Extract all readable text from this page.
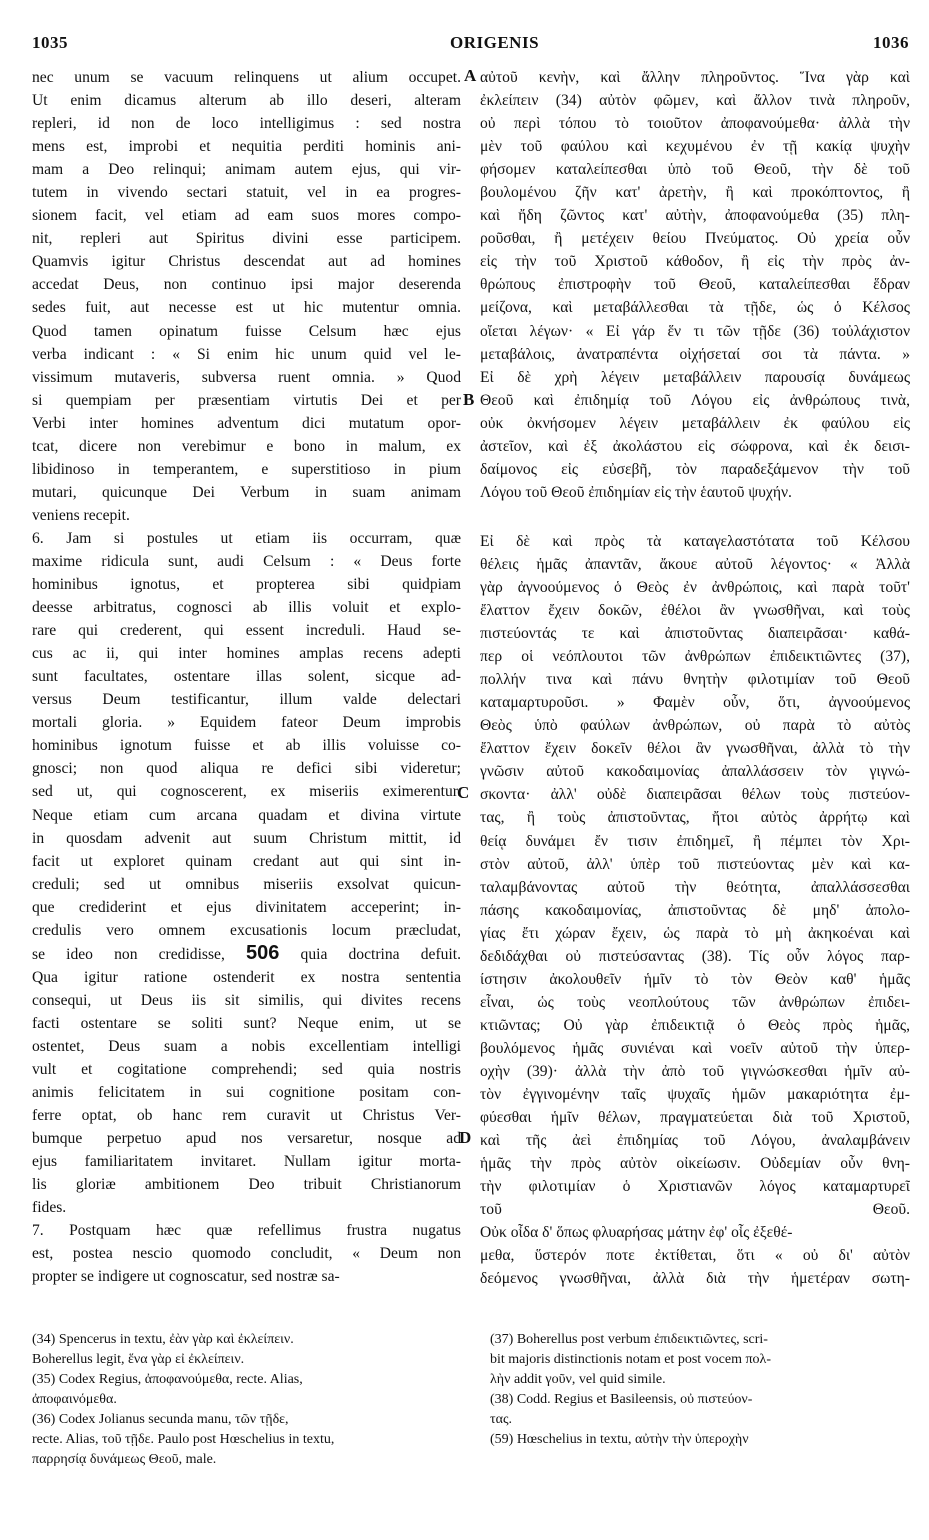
1035	ORIGENIS	1036
nec unum se vacuum relinquens ut alium occupet.
Ut enim dicamus alterum ab illo deseri, alteram
repleri, id non de loco intelligimus : sed nostra
mens est, improbi et nequitia perditi hominis ani-
mam a Deo relinqui; animam autem ejus, qui vir-
tutem in vivendo sectari statuit, vel in ea progres-
sionem facit, vel etiam ad eam suos mores compo-
nit, repleri aut Spiritus divini esse participem.
Quamvis igitur Christus descendat aut ad homines
accedat Deus, non continuo ipsi major deserenda
sedes fuit, aut necesse est ut hic mutentur omnia.
Quod tamen opinatum fuisse Celsum hæc ejus
verba indicant : « Si enim hic unum quid vel le-
vissimum mutaveris, subversa ruent omnia. » Quod
si quempiam per præsentiam virtutis Dei et per
Verbi inter homines adventum dici mutatum opor-
tcat, dicere non verebimur e bono in malum, ex
libidinoso in temperantem, e superstitioso in pium
mutari, quicunque Dei Verbum in suam animam
veniens recepit.
6. Jam si postules ut etiam iis occurram, quæ
maxime ridicula sunt, audi Celsum : « Deus forte
hominibus ignotus, et propterea sibi quidpiam
deesse arbitratus, cognosci ab illis voluit et explo-
rare qui crederent, qui essent increduli. Haud se-
cus ac ii, qui inter homines amplas recens adepti
sunt facultates, ostentare illas solent, sicque ad-
versus Deum testificantur, illum valde delectari
mortali gloria. » Equidem fateor Deum improbis
hominibus ignotum fuisse et ab illis voluisse co-
gnosci; non quod aliqua re defici sibi videretur;
sed ut, qui cognoscerent, ex miseriis eximerentur.
Neque etiam cum arcana quadam et divina virtute
in quosdam advenit aut suum Christum mittit, id
facit ut exploret quinam credant aut qui sint in-
creduli; sed ut omnibus miseriis exsolvat quicun-
que crediderint et ejus divinitatem acceperint; in-
credulis vero omnem excusationis locum præcludat,
se ideo non credidisse, 506 quia doctrina defuit.
Qua igitur ratione ostenderit ex nostra sententia
consequi, ut Deus iis sit similis, qui divites recens
facti ostentare se soliti sunt? Neque enim, ut se
ostentet, Deus suam a nobis excellentiam intelligi
vult et cogitatione comprehendi; sed quia nostris
animis felicitatem in sui cognitione positam con-
ferre optat, ob hanc rem curavit ut Christus Ver-
bumque perpetuo apud nos versaretur, nosque ad
ejus familiaritatem invitaret. Nullam igitur morta-
lis gloriæ ambitionem Deo tribuit Christianorum
fides.
7. Postquam hæc quæ refellimus frustra nugatus
est, postea nescio quomodo concludit, « Deum non
propter se indigere ut cognoscatur, sed nostræ sa-
αὐτοῦ κενὴν, καὶ ἄλλην πληροῦντος. Ἵνα γὰρ καὶ
ἐκλείπειν (34) αὐτὸν φῶμεν, καὶ ἄλλον τινὰ πληροῦν,
οὐ περὶ τόπου τὸ τοιοῦτον ἀποφανούμεθα· ἀλλὰ τὴν
μὲν τοῦ φαύλου καὶ κεχυμένου ἐν τῇ κακίᾳ ψυχὴν
φήσομεν καταλείπεσθαι ὑπὸ τοῦ Θεοῦ, τὴν δὲ τοῦ
βουλομένου ζῆν κατ' ἀρετὴν, ἢ καὶ προκόπτοντος, ἢ
καὶ ἤδη ζῶντος κατ' αὐτὴν, ἀποφανούμεθα (35) πλη-
ροῦσθαι, ἢ μετέχειν θείου Πνεύματος. Οὐ χρεία οὖν
εἰς τὴν τοῦ Χριστοῦ κάθοδον, ἢ εἰς τὴν πρὸς ἀν-
θρώπους ἐπιστροφὴν τοῦ Θεοῦ, καταλείπεσθαι ἕδραν
μείζονα, καὶ μεταβάλλεσθαι τὰ τῇδε, ὡς ὁ Κέλσος
οἴεται λέγων· « Εἰ γάρ ἕν τι τῶν τῇδε (36) τοὐλάχιστον
μεταβάλοις, ἀνατραπέντα οἰχήσεταί σοι τὰ πάντα. »
Εἰ δὲ χρὴ λέγειν μεταβάλλειν παρουσίᾳ δυνάμεως
Θεοῦ καὶ ἐπιδημίᾳ τοῦ Λόγου εἰς ἀνθρώπους τινὰ,
οὐκ ὀκνήσομεν λέγειν μεταβάλλειν ἐκ φαύλου εἰς
ἀστεῖον, καὶ ἐξ ἀκολάστου εἰς σώφρονα, καὶ ἐκ δεισι-
δαίμονος εἰς εὐσεβῆ, τὸν παραδεξάμενον τὴν τοῦ
Λόγου τοῦ Θεοῦ ἐπιδημίαν εἰς τὴν ἑαυτοῦ ψυχήν.
Εἰ δὲ καὶ πρὸς τὰ καταγελαστότατα τοῦ Κέλσου
θέλεις ἡμᾶς ἀπαντᾶν, ἄκουε αὐτοῦ λέγοντος· « Ἀλλὰ
γὰρ ἀγνοούμενος ὁ Θεὸς ἐν ἀνθρώποις, καὶ παρὰ τοῦτ'
ἔλαττον ἔχειν δοκῶν, ἐθέλοι ἂν γνωσθῆναι, καὶ τοὺς
πιστεύοντάς τε καὶ ἀπιστοῦντας διαπειρᾶσαι· καθά-
περ οἱ νεόπλουτοι τῶν ἀνθρώπων ἐπιδεικτιῶντες (37),
πολλήν τινα καὶ πάνυ θνητὴν φιλοτιμίαν τοῦ Θεοῦ
καταμαρτυροῦσι. » Φαμὲν οὖν, ὅτι, ἀγνοούμενος
Θεὸς ὑπὸ φαύλων ἀνθρώπων, οὐ παρὰ τὸ αὐτὸς
ἔλαττον ἔχειν δοκεῖν θέλοι ἂν γνωσθῆναι, ἀλλὰ τὸ τὴν
γνῶσιν αὐτοῦ κακοδαιμονίας ἀπαλλάσσειν τὸν γιγνώ-
σκοντα· ἀλλ' οὐδὲ διαπειρᾶσαι θέλων τοὺς πιστεύον-
τας, ἢ τοὺς ἀπιστοῦντας, ἤτοι αὐτὸς ἀρρήτῳ καὶ
θείᾳ δυνάμει ἔν τισιν ἐπιδημεῖ, ἢ πέμπει τὸν Χρι-
στὸν αὐτοῦ, ἀλλ' ὑπὲρ τοῦ πιστεύοντας μὲν καὶ κα-
ταλαμβάνοντας αὐτοῦ τὴν θεότητα, ἀπαλλάσσεσθαι
πάσης κακοδαιμονίας, ἀπιστοῦντας δὲ μηδ' ἀπολο-
γίας ἔτι χώραν ἔχειν, ὡς παρὰ τὸ μὴ ἀκηκοέναι καὶ
δεδιδάχθαι οὐ πιστεύσαντας (38). Τίς οὖν λόγος παρ-
ίστησιν ἀκολουθεῖν ἡμῖν τὸ τὸν Θεὸν καθ' ἡμᾶς
εἶναι, ὡς τοὺς νεοπλούτους τῶν ἀνθρώπων ἐπιδει-
κτιῶντας; Οὐ γὰρ ἐπιδεικτιᾷ ὁ Θεὸς πρὸς ἡμᾶς,
βουλόμενος ἡμᾶς συνιέναι καὶ νοεῖν αὐτοῦ τὴν ὑπερ-
οχὴν (39)· ἀλλὰ τὴν ἀπὸ τοῦ γιγνώσκεσθαι ἡμῖν αὐ-
τὸν ἐγγινομένην ταῖς ψυχαῖς ἡμῶν μακαριότητα ἐμ-
φύεσθαι ἡμῖν θέλων, πραγματεύεται διὰ τοῦ Χριστοῦ,
καὶ τῆς ἀεὶ ἐπιδημίας τοῦ Λόγου, ἀναλαμβάνειν
ἡμᾶς τὴν πρὸς αὐτὸν οἰκείωσιν. Οὐδεμίαν οὖν θνη-
τὴν φιλοτιμίαν ὁ Χριστιανῶν λόγος καταμαρτυρεῖ
τοῦ Θεοῦ.
Οὐκ οἶδα δ' ὅπως φλυαρήσας μάτην ἐφ' οἷς ἐξεθέ-
μεθα, ὕστερόν ποτε ἐκτίθεται, ὅτι « οὐ δι' αὐτὸν
δεόμενος γνωσθῆναι, ἀλλὰ διὰ τὴν ἡμετέραν σωτη-
A
B
C
D
(34) Spencerus in textu, ἐὰν γὰρ καὶ ἐκλείπειν.
Boherellus legit, ἕνα γὰρ εἰ ἐκλείπειν.
(35) Codex Regius, ἀποφανούμεθα, recte. Alias,
ἀποφαινόμεθα.
(36) Codex Jolianus secunda manu, τῶν τῇδε,
recte. Alias, τοῦ τῇδε. Paulo post Hœschelius in textu,
παρρησίᾳ δυνάμεως Θεοῦ, male.
(37) Boherellus post verbum ἐπιδεικτιῶντες, scri-
bit majoris distinctionis notam et post vocem πολ-
λὴν addit γοῦν, vel quid simile.
(38) Codd. Regius et Basileensis, οὐ πιστεύον-
τας.
(59) Hœschelius in textu, αὐτὴν τὴν ὑπεροχὴν
